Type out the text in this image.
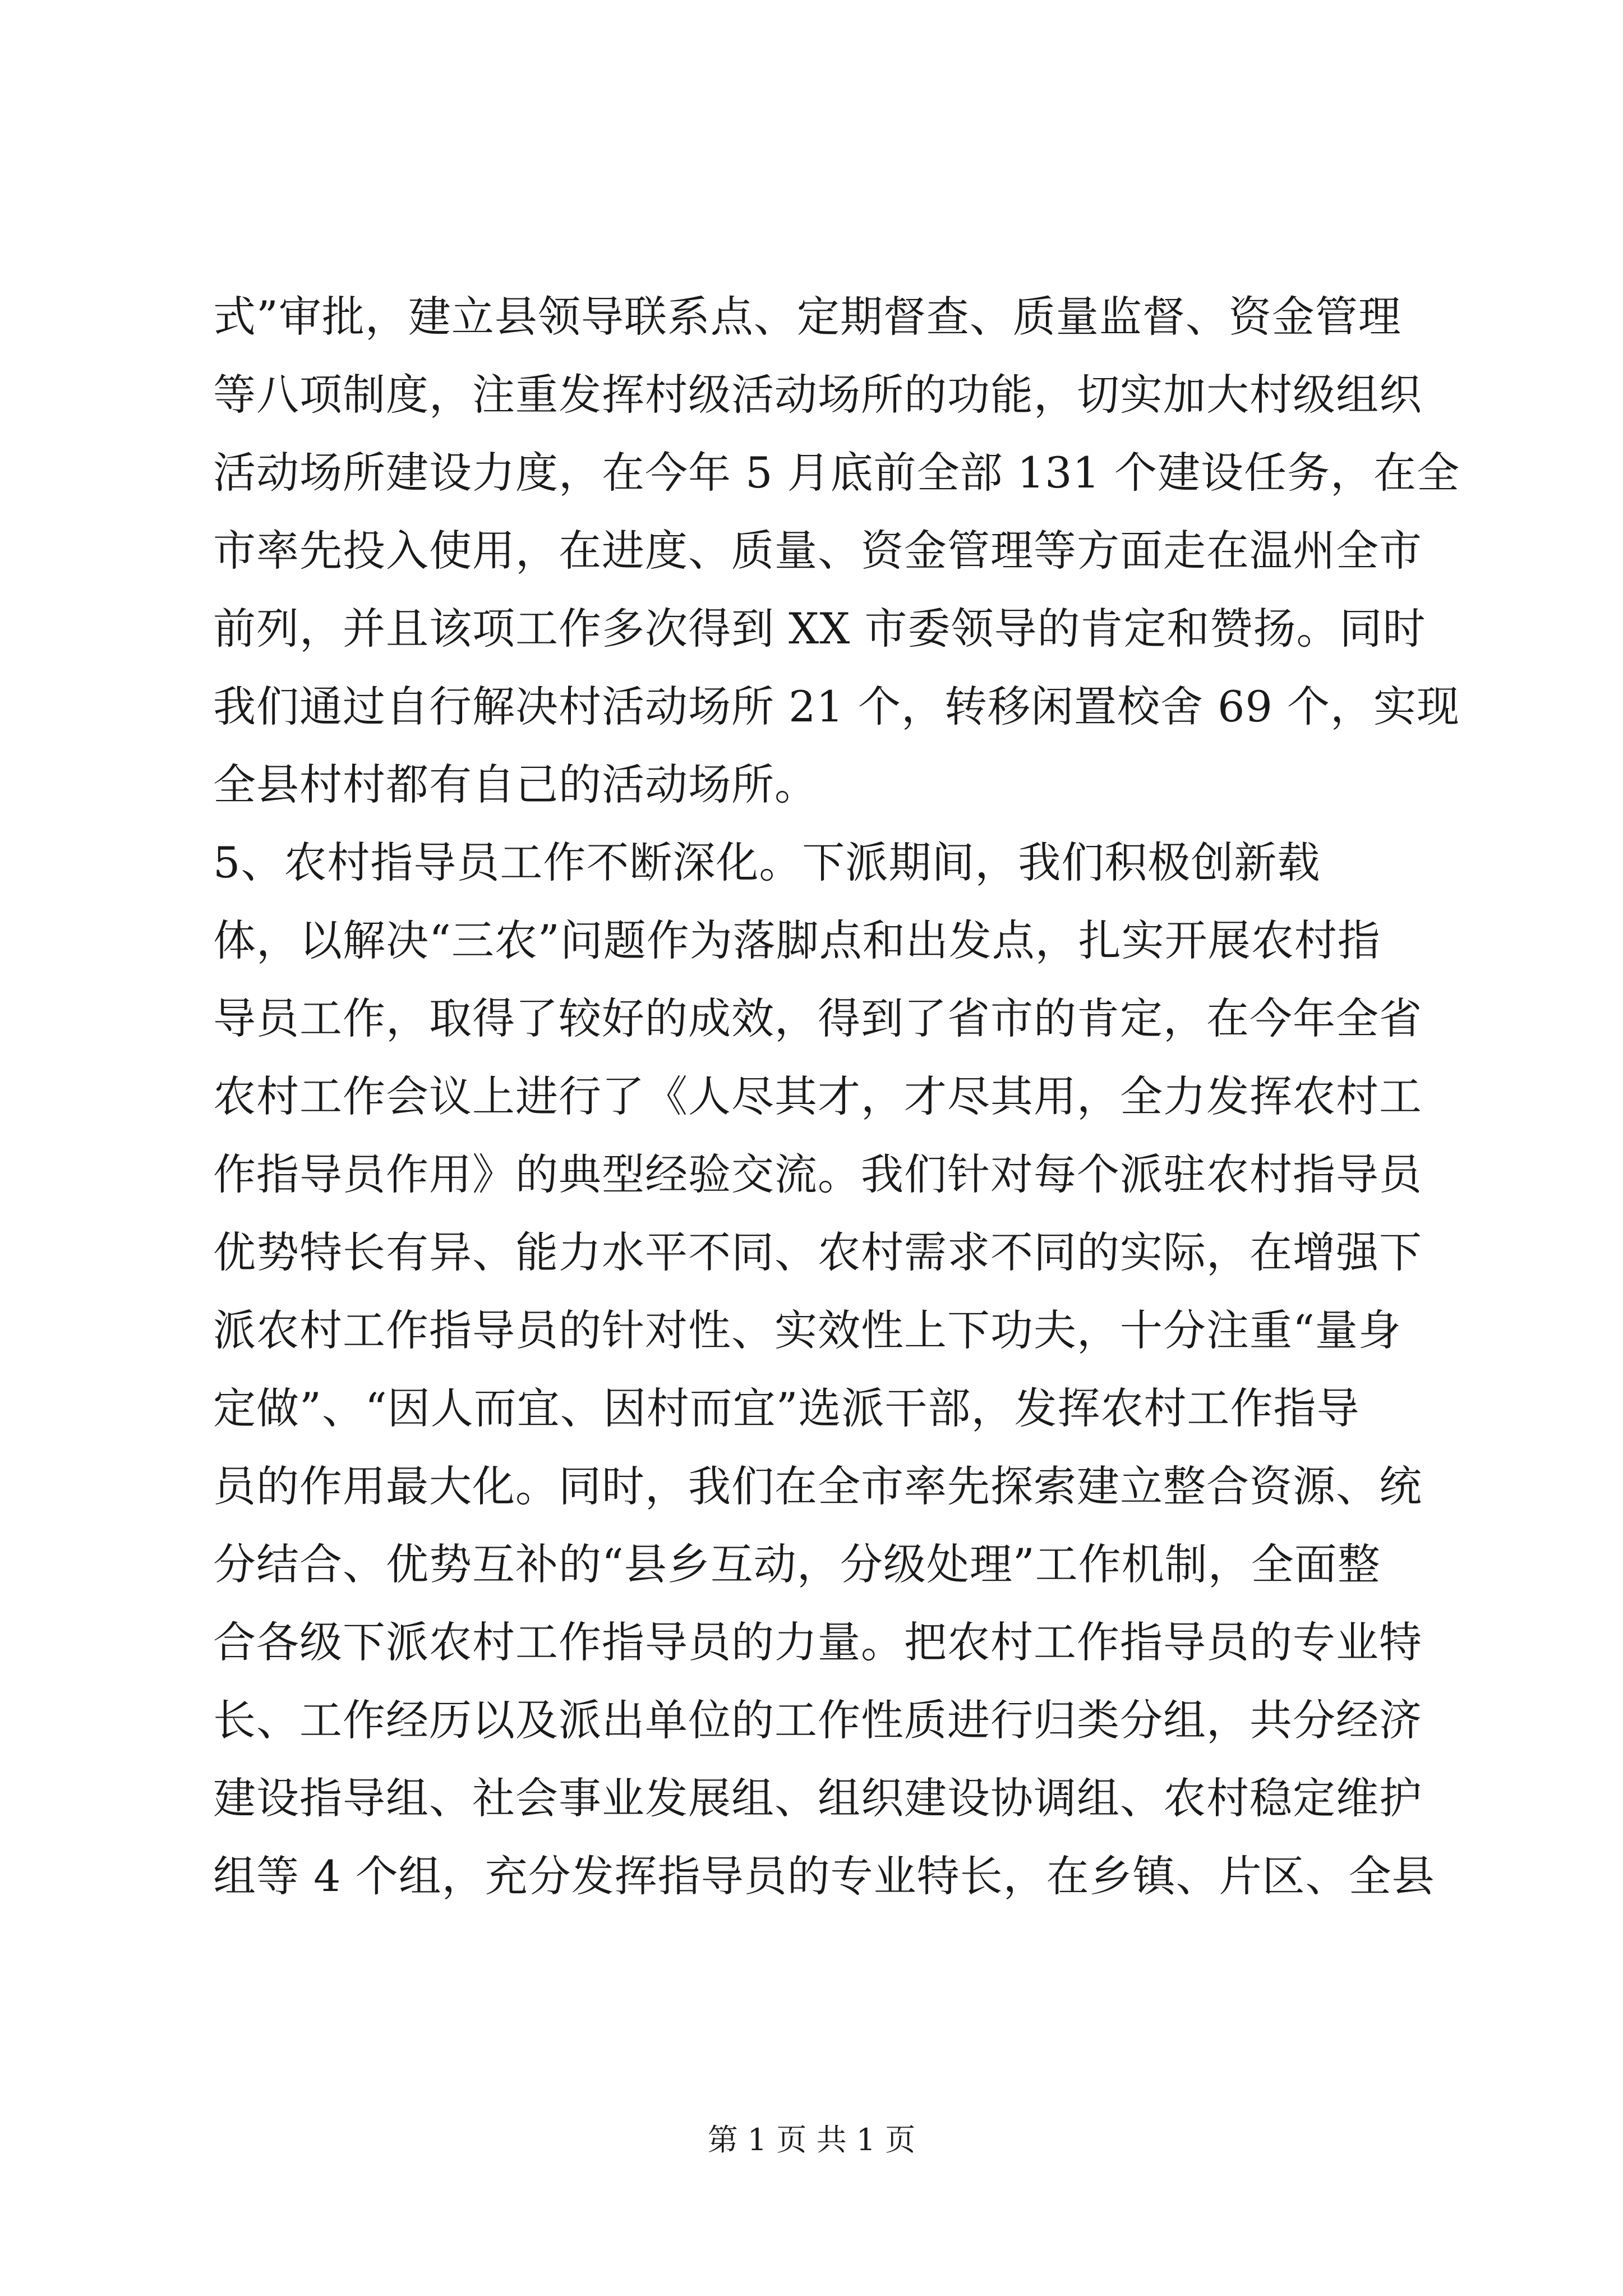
式”审批，建立县领导联系点、定期督查、质量监督、资金管理
等八项制度，注重发挥村级活动场所的功能，切实加大村级组织
活动场所建设力度，在今年 5 月底前全部 131 个建设任务，在全
市率先投入使用，在进度、质量、资金管理等方面走在温州全市
前列，并且该项工作多次得到 XX 市委领导的肯定和赞扬。同时
我们通过自行解决村活动场所 21 个，转移闲置校舍 69 个，实现
全县村村都有自己的活动场所。
5、农村指导员工作不断深化。下派期间，我们积极创新载
体，以解决“三农”问题作为落脚点和出发点，扎实开展农村指
导员工作，取得了较好的成效，得到了省市的肯定，在今年全省
农村工作会议上进行了《人尽其才，才尽其用，全力发挥农村工
作指导员作用》的典型经验交流。我们针对每个派驻农村指导员
优势特长有异、能力水平不同、农村需求不同的实际，在增强下
派农村工作指导员的针对性、实效性上下功夫，十分注重“量身
定做”、“因人而宜、因村而宜”选派干部，发挥农村工作指导
员的作用最大化。同时，我们在全市率先探索建立整合资源、统
分结合、优势互补的“县乡互动，分级处理”工作机制，全面整
合各级下派农村工作指导员的力量。把农村工作指导员的专业特
长、工作经历以及派出单位的工作性质进行归类分组，共分经济
建设指导组、社会事业发展组、组织建设协调组、农村稳定维护
组等 4 个组，充分发挥指导员的专业特长，在乡镇、片区、全县
第 1 页 共 1 页
